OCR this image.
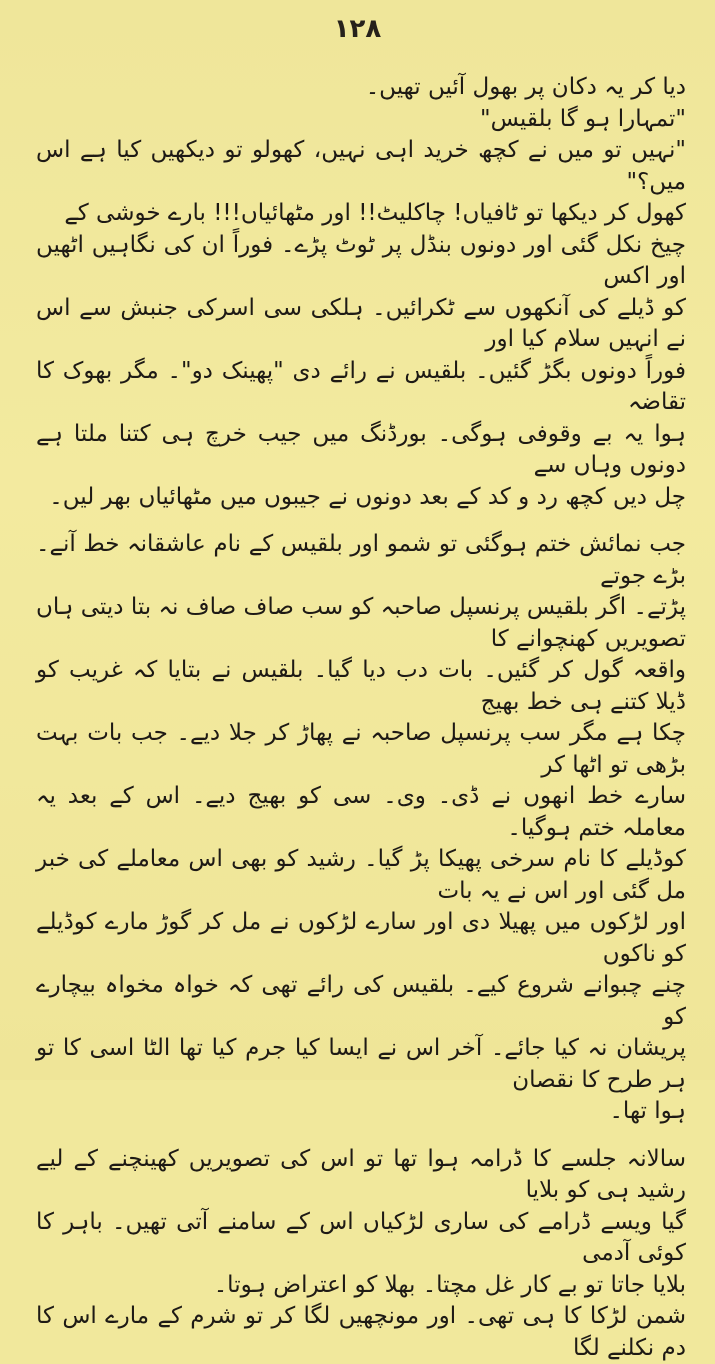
۱۲۸

دیا کر یہ دکان پر بھول آئیں تھیں۔

"تمہارا ہو گا بلقیس"

"نہیں تو میں نے کچھ خرید اہی نہیں، کھولو تو دیکھیں کیا ہے اس میں؟"

کھول کر دیکھا تو ٹافیاں! چاکلیٹ!! اور مٹھائیاں!!! بارے خوشی کے

چیخ نکل گئی اور دونوں بنڈل پر ٹوٹ پڑے۔ فوراً ان کی نگاہیں اٹھیں اور اکس

کو ڈیلے کی آنکھوں سے ٹکرائیں۔ ہلکی سی اسرکی جنبش سے اس نے انہیں سلام کیا اور

فوراً دونوں بگڑ گئیں۔ بلقیس نے رائے دی "پھینک دو"۔ مگر بھوک کا تقاضہ

ہوا یہ بے وقوفی ہوگی۔ بورڈنگ میں جیب خرچ ہی کتنا ملتا ہے دونوں وہاں سے

چل دیں کچھ رد و کد کے بعد دونوں نے جیبوں میں مٹھائیاں بھر لیں۔

جب نمائش ختم ہوگئی تو شمو اور بلقیس کے نام عاشقانہ خط آنے۔ بڑے جوتے

پڑتے۔ اگر بلقیس پرنسپل صاحبہ کو سب صاف صاف نہ بتا دیتی ہاں تصویریں کھنچوانے کا

واقعہ گول کر گئیں۔ بات دب دیا گیا۔ بلقیس نے بتایا کہ غریب کو ڈیلا کتنے ہی خط بھیج

چکا ہے مگر سب پرنسپل صاحبہ نے پھاڑ کر جلا دیے۔ جب بات بہت بڑھی تو اٹھا کر

سارے خط انھوں نے ڈی۔ وی۔ سی کو بھیج دیے۔ اس کے بعد یہ معاملہ ختم ہوگیا۔

کوڈیلے کا نام سرخی پھیکا پڑ گیا۔ رشید کو بھی اس معاملے کی خبر مل گئی اور اس نے یہ بات

اور لڑکوں میں پھیلا دی اور سارے لڑکوں نے مل کر گوڑ مارے کوڈیلے کو ناکوں

چنے چبوانے شروع کیے۔ بلقیس کی رائے تھی کہ خواہ مخواہ بیچارے کو

پریشان نہ کیا جائے۔ آخر اس نے ایسا کیا جرم کیا تھا الٹا اسی کا تو ہر طرح کا نقصان

ہوا تھا۔

سالانہ جلسے کا ڈرامہ ہوا تھا تو اس کی تصویریں کھینچنے کے لیے رشید ہی کو بلایا

گیا ویسے ڈرامے کی ساری لڑکیاں اس کے سامنے آتی تھیں۔ باہر کا کوئی آدمی

بلایا جاتا تو بے کار غل مچتا۔ بھلا کو اعتراض ہوتا۔

شمن لڑکا کا ہی تھی۔ اور مونچھیں لگا کر تو شرم کے مارے اس کا دم نکلنے لگا
